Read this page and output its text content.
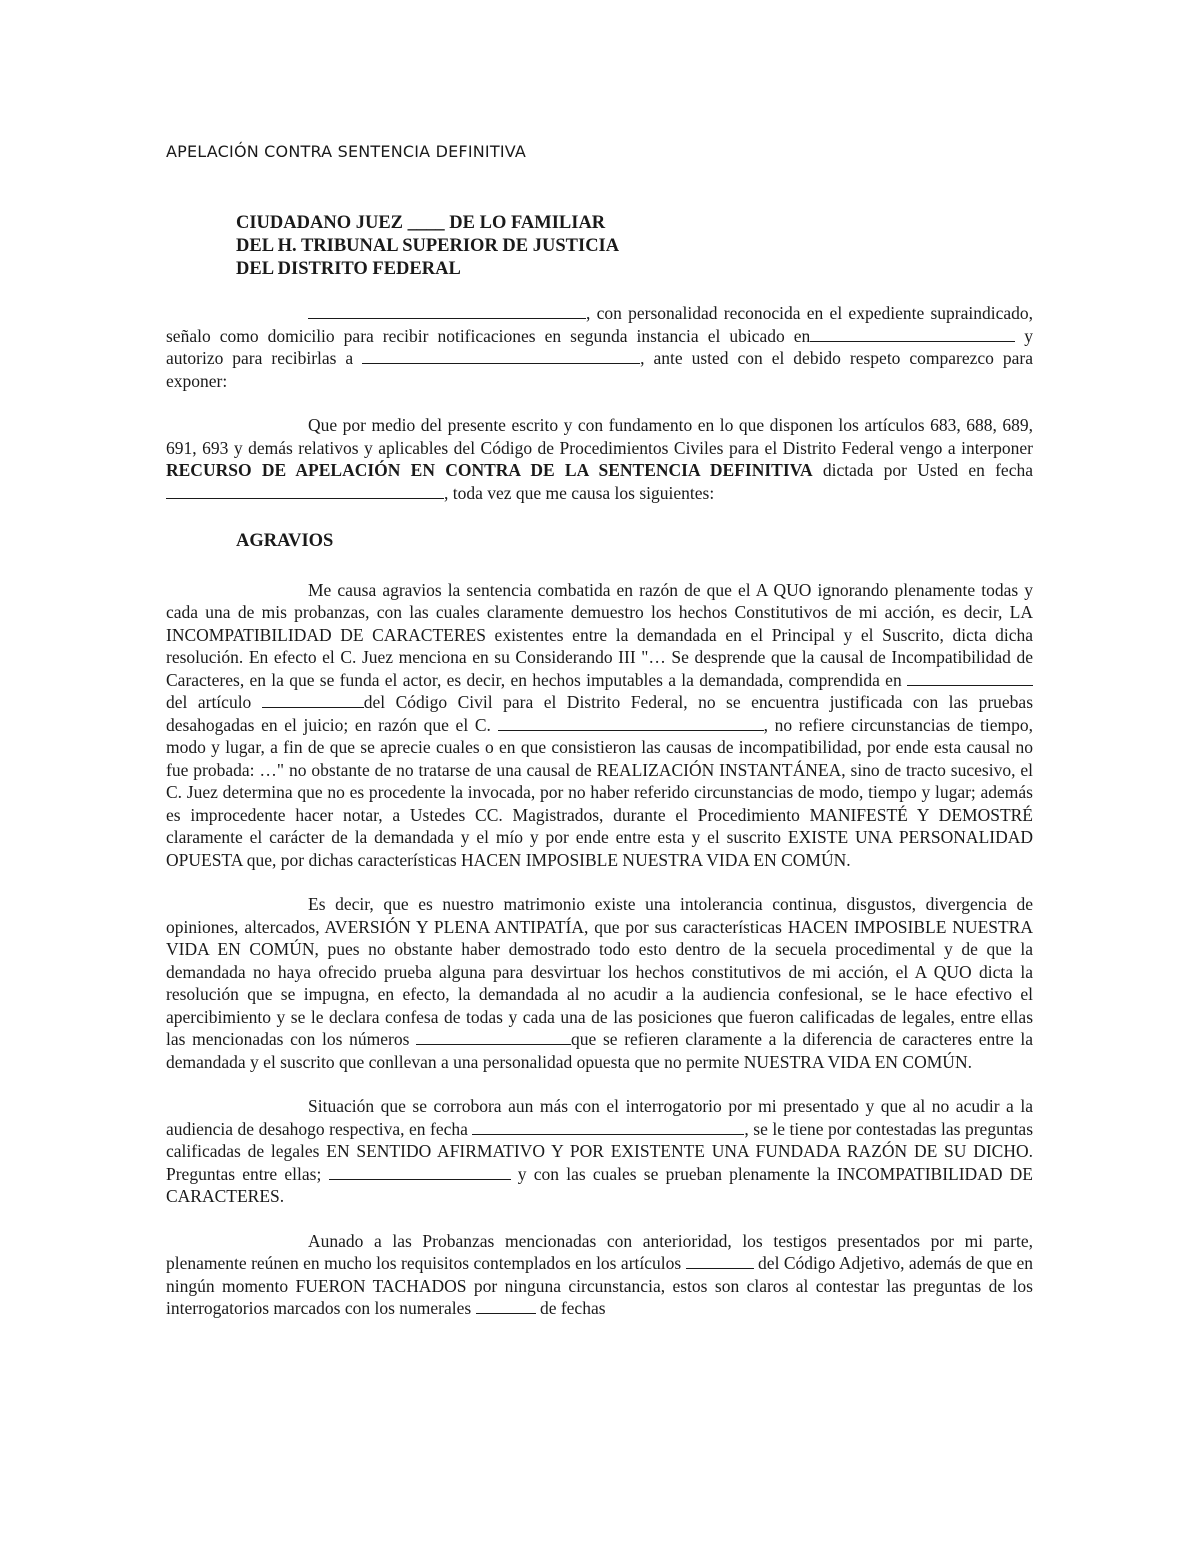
APELACIÓN CONTRA SENTENCIA DEFINITIVA
CIUDADANO JUEZ ____ DE LO FAMILIAR
DEL H. TRIBUNAL SUPERIOR DE JUSTICIA
DEL DISTRITO FEDERAL

, con personalidad reconocida en el expediente supraindicado, señalo como domicilio para recibir notificaciones en segunda instancia el ubicado en	y autorizo para recibirlas a	, ante usted con el debido respeto comparezco para exponer:

Que por medio del presente escrito y con fundamento en lo que disponen los artículos 683, 688, 689, 691, 693 y demás relativos y aplicables del Código de Procedimientos Civiles para el Distrito Federal vengo a interponer RECURSO DE APELACIÓN EN CONTRA DE LA SENTENCIA DEFINITIVA dictada por Usted en fecha , toda vez que me causa los siguientes:

AGRAVIOS

Me causa agravios la sentencia combatida en razón de que el A QUO ignorando plenamente todas y cada una de mis probanzas, con las cuales claramente demuestro los hechos Constitutivos de mi acción, es decir, LA INCOMPATIBILIDAD DE CARACTERES existentes entre la demandada en el Principal y el Suscrito, dicta dicha resolución. En efecto el C. Juez menciona en su Considerando III "… Se desprende que la causal de Incompatibilidad de Caracteres, en la que se funda el actor, es decir, en hechos imputables a la demandada, comprendida en  del artículo	del Código Civil para el Distrito Federal, no se encuentra justificada con las pruebas desahogadas en el juicio; en razón que el C.	, no refiere circunstancias de tiempo, modo y lugar, a fin de que se aprecie cuales o en que consistieron las causas de incompatibilidad, por ende esta causal no fue probada: …" no obstante de no tratarse de una causal de REALIZACIÓN INSTANTÁNEA, sino de tracto sucesivo, el C. Juez determina que no es procedente la invocada, por no haber referido circunstancias de modo, tiempo y lugar; además es improcedente hacer notar, a Ustedes CC. Magistrados, durante el Procedimiento MANIFESTÉ Y DEMOSTRÉ claramente el carácter de la demandada y el mío y por ende entre esta y el suscrito EXISTE UNA PERSONALIDAD OPUESTA que, por dichas características HACEN IMPOSIBLE NUESTRA VIDA EN COMÚN.

Es decir, que es nuestro matrimonio existe una intolerancia continua, disgustos, divergencia de opiniones, altercados, AVERSIÓN Y PLENA ANTIPATÍA, que por sus características HACEN IMPOSIBLE NUESTRA VIDA EN COMÚN, pues no obstante haber demostrado todo esto dentro de la secuela procedimental y de que la demandada no haya ofrecido prueba alguna para desvirtuar los hechos constitutivos de mi acción, el A QUO dicta la resolución que se impugna, en efecto, la demandada al no acudir a la audiencia confesional, se le hace efectivo el apercibimiento y se le declara confesa de todas y cada una de las posiciones que fueron calificadas de legales, entre ellas las mencionadas con los números	que se refieren claramente a la diferencia de caracteres entre la demandada y el suscrito que conllevan a una personalidad opuesta que no permite NUESTRA VIDA EN COMÚN.

Situación que se corrobora aun más con el interrogatorio por mi presentado y que al no acudir a la audiencia de desahogo respectiva, en fecha	, se le tiene por contestadas las preguntas calificadas de legales EN SENTIDO AFIRMATIVO Y POR EXISTENTE UNA FUNDADA RAZÓN DE SU DICHO. Preguntas entre ellas;	y con las cuales se prueban plenamente la INCOMPATIBILIDAD DE CARACTERES.

Aunado a las Probanzas mencionadas con anterioridad, los testigos presentados por mi parte, plenamente reúnen en mucho los requisitos contemplados en los artículos	del Código Adjetivo, además de que en ningún momento FUERON TACHADOS por ninguna circunstancia, estos son claros al contestar las preguntas de los interrogatorios marcados con los numerales	de fechas
